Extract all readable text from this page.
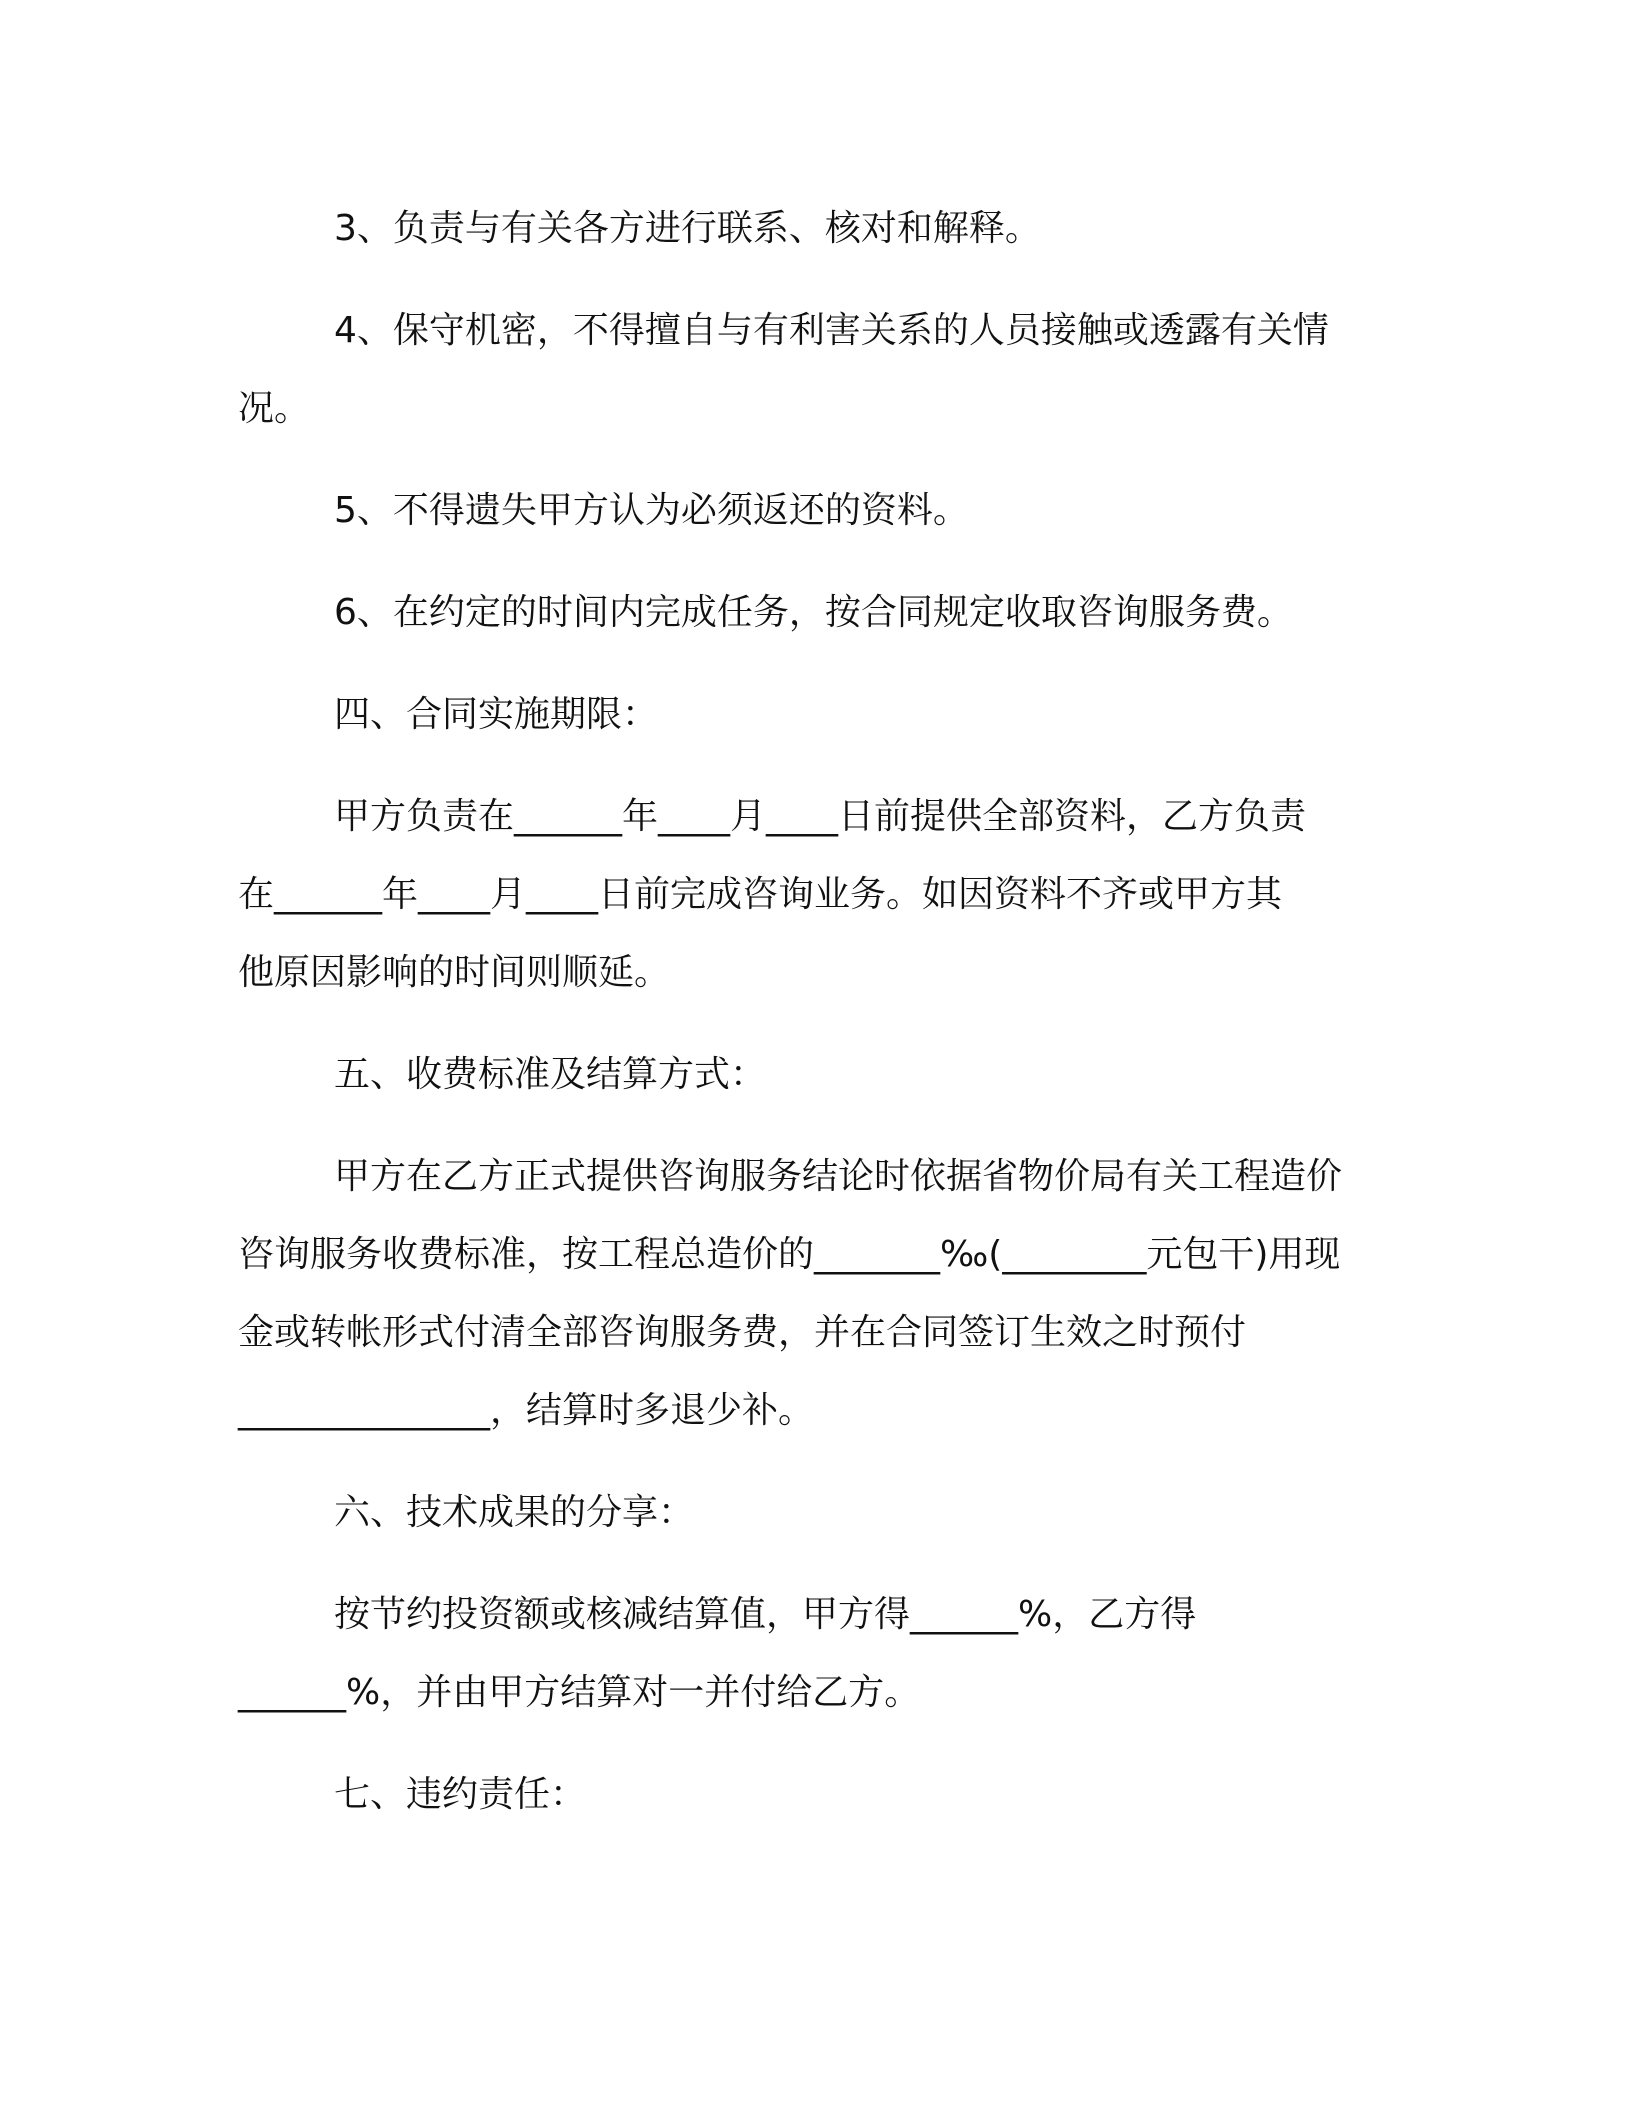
3、负责与有关各方进行联系、核对和解释。
4、保守机密，不得擅自与有利害关系的人员接触或透露有关情
况。
5、不得遗失甲方认为必须返还的资料。
6、在约定的时间内完成任务，按合同规定收取咨询服务费。
四、合同实施期限：
甲方负责在______年____月____日前提供全部资料，乙方负责
在______年____月____日前完成咨询业务。如因资料不齐或甲方其
他原因影响的时间则顺延。
五、收费标准及结算方式：
甲方在乙方正式提供咨询服务结论时依据省物价局有关工程造价
咨询服务收费标准，按工程总造价的_______‰(________元包干)用现
金或转帐形式付清全部咨询服务费，并在合同签订生效之时预付
______________，结算时多退少补。
六、技术成果的分享：
按节约投资额或核减结算值，甲方得______%，乙方得
______%，并由甲方结算对一并付给乙方。
七、违约责任：
